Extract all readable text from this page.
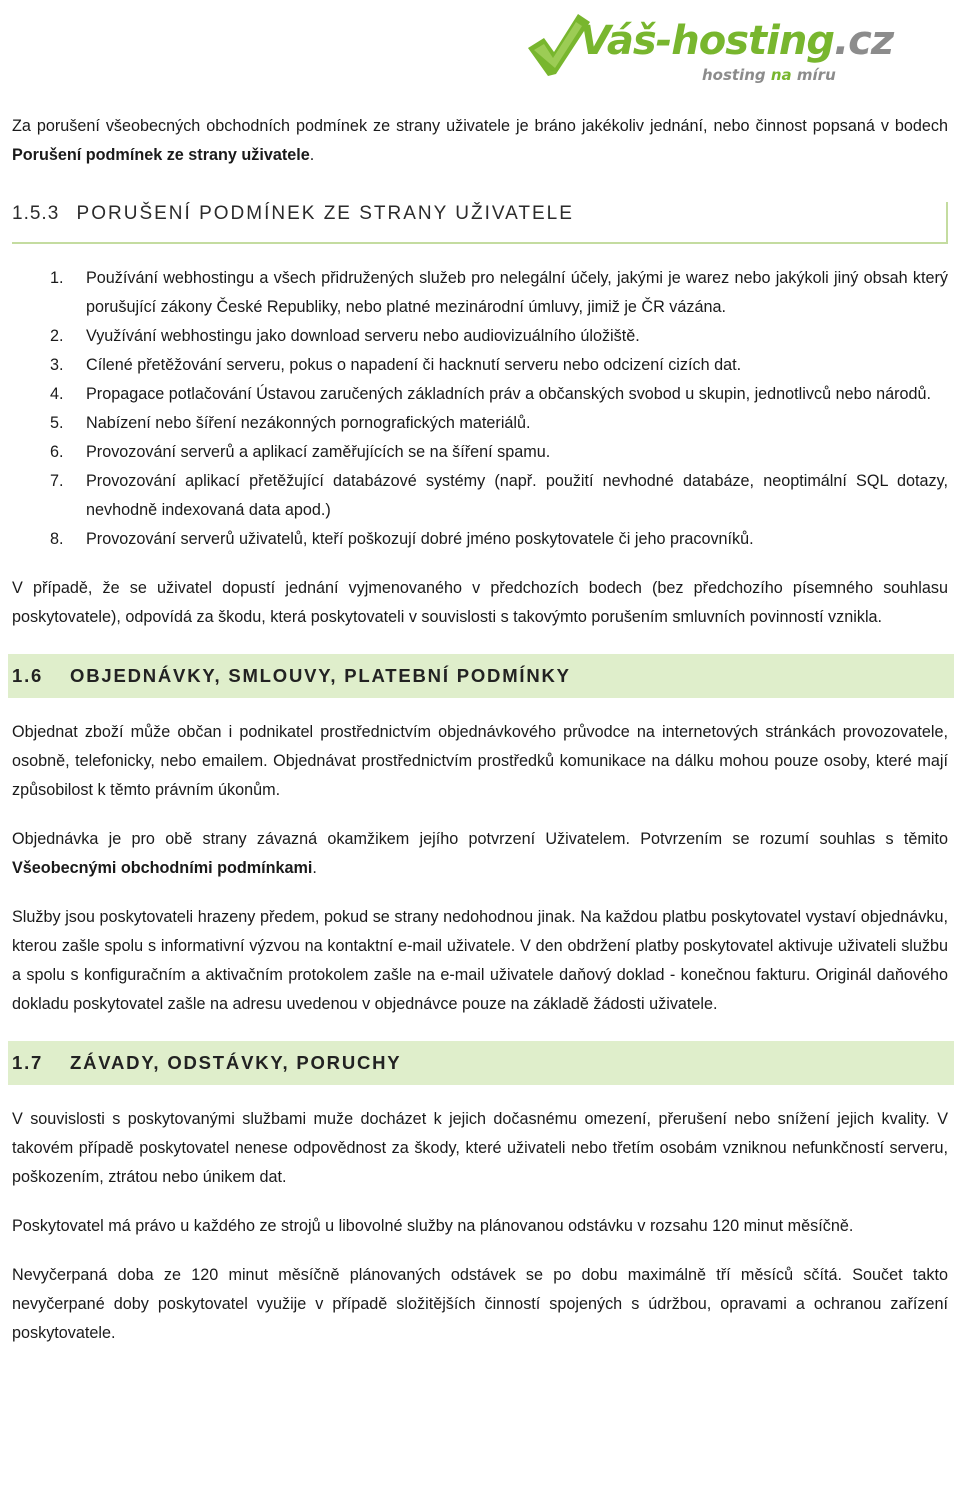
Váš-hosting.cz
hosting na míru

Za porušení všeobecných obchodních podmínek ze strany uživatele je bráno jakékoliv jednání, nebo činnost popsaná v bodech Porušení podmínek ze strany uživatele.

1.5.3 PORUŠENÍ PODMÍNEK ZE STRANY UŽIVATELE
1. Používání webhostingu a všech přidružených služeb pro nelegální účely, jakými je warez nebo jakýkoli jiný obsah který porušující zákony České Republiky, nebo platné mezinárodní úmluvy, jimiž je ČR vázána.
2. Využívání webhostingu jako download serveru nebo audiovizuálního úložiště.
3. Cílené přetěžování serveru, pokus o napadení či hacknutí serveru nebo odcizení cizích dat.
4. Propagace potlačování Ústavou zaručených základních práv a občanských svobod u skupin, jednotlivců nebo národů.
5. Nabízení nebo šíření nezákonných pornografických materiálů.
6. Provozování serverů a aplikací zaměřujících se na šíření spamu.
7. Provozování aplikací přetěžující databázové systémy (např. použití nevhodné databáze, neoptimální SQL dotazy, nevhodně indexovaná data apod.)
8. Provozování serverů uživatelů, kteří poškozují dobré jméno poskytovatele či jeho pracovníků.

V případě, že se uživatel dopustí jednání vyjmenovaného v předchozích bodech (bez předchozího písemného souhlasu poskytovatele), odpovídá za škodu, která poskytovateli v souvislosti s takovýmto porušením smluvních povinností vznikla.

1.6 OBJEDNÁVKY, SMLOUVY, PLATEBNÍ PODMÍNKY

Objednat zboží může občan i podnikatel prostřednictvím objednávkového průvodce na internetových stránkách provozovatele, osobně, telefonicky, nebo emailem. Objednávat prostřednictvím prostředků komunikace na dálku mohou pouze osoby, které mají způsobilost k těmto právním úkonům.

Objednávka je pro obě strany závazná okamžikem jejího potvrzení Uživatelem. Potvrzením se rozumí souhlas s těmito Všeobecnými obchodními podmínkami.

Služby jsou poskytovateli hrazeny předem, pokud se strany nedohodnou jinak. Na každou platbu poskytovatel vystaví objednávku, kterou zašle spolu s informativní výzvou na kontaktní e-mail uživatele. V den obdržení platby poskytovatel aktivuje uživateli službu a spolu s konfiguračním a aktivačním protokolem zašle na e-mail uživatele daňový doklad - konečnou fakturu. Originál daňového dokladu poskytovatel zašle na adresu uvedenou v objednávce pouze na základě žádosti uživatele.

1.7 ZÁVADY, ODSTÁVKY, PORUCHY

V souvislosti s poskytovanými službami muže docházet k jejich dočasnému omezení, přerušení nebo snížení jejich kvality. V takovém případě poskytovatel nenese odpovědnost za škody, které uživateli nebo třetím osobám vzniknou nefunkčností serveru, poškozením, ztrátou nebo únikem dat.

Poskytovatel má právo u každého ze strojů u libovolné služby na plánovanou odstávku v rozsahu 120 minut měsíčně.

Nevyčerpaná doba ze 120 minut měsíčně plánovaných odstávek se po dobu maximálně tří měsíců sčítá. Součet takto nevyčerpané doby poskytovatel využije v případě složitějších činností spojených s údržbou, opravami a ochranou zařízení poskytovatele.
